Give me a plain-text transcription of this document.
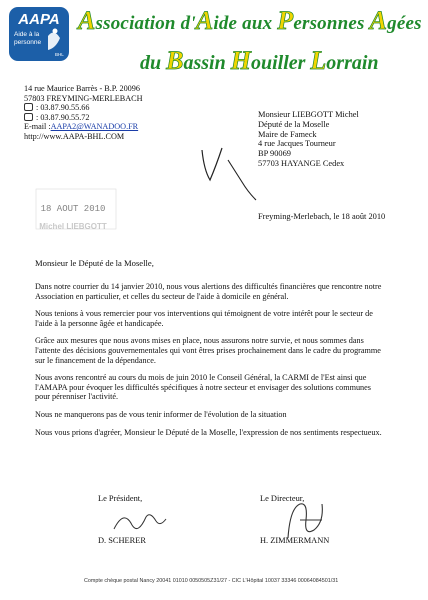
AAPA
Aide à la
personne
BHL
Association d'Aide aux Personnes Agées
du Bassin Houiller Lorrain
14 rue Maurice Barrès - B.P. 20096
57803 FREYMING-MERLEBACH
: 03.87.90.55.66
: 03.87.90.55.72
E-mail :AAPA2@WANADOO.FR
http://www.AAPA-BHL.COM
Monsieur LIEBGOTT Michel
Député de la Moselle
Maire de Fameck
4 rue Jacques Tourneur
BP 90069
57703 HAYANGE Cedex
18 AOUT 2010
Michel LIEBGOTT
Freyming-Merlebach, le 18 août 2010
Monsieur le Député de la Moselle,

Dans notre courrier du 14 janvier 2010, nous vous alertions des difficultés financières que rencontre notre Association en particulier, et celles du secteur de l'aide à domicile en général.

Nous tenions à vous remercier pour vos interventions qui témoignent de votre intérêt pour le secteur de l'aide à la personne âgée et handicapée.

Grâce aux mesures que nous avons mises en place, nous assurons notre survie, et nous sommes dans l'attente des décisions gouvernementales qui vont êtres prises prochainement dans le cadre du programme sur le financement de la dépendance.

Nous avons rencontré au cours du mois de juin 2010 le Conseil Général, la CARMI de l'Est ainsi que l'AMAPA pour évoquer les difficultés spécifiques à notre secteur et envisager des solutions communes pour pérenniser l'activité.

Nous ne manquerons pas de vous tenir informer de l'évolution de la situation

Nous vous prions d'agréer, Monsieur le Député de la Moselle, l'expression de nos sentiments respectueux.

Le Président,
D. SCHERER
Le Directeur,
H. ZIMMERMANN
Compte chèque postal Nancy 20041 01010 0050505Z31/27 - CIC L'Hôpital 10037 33346 00064084501/31
